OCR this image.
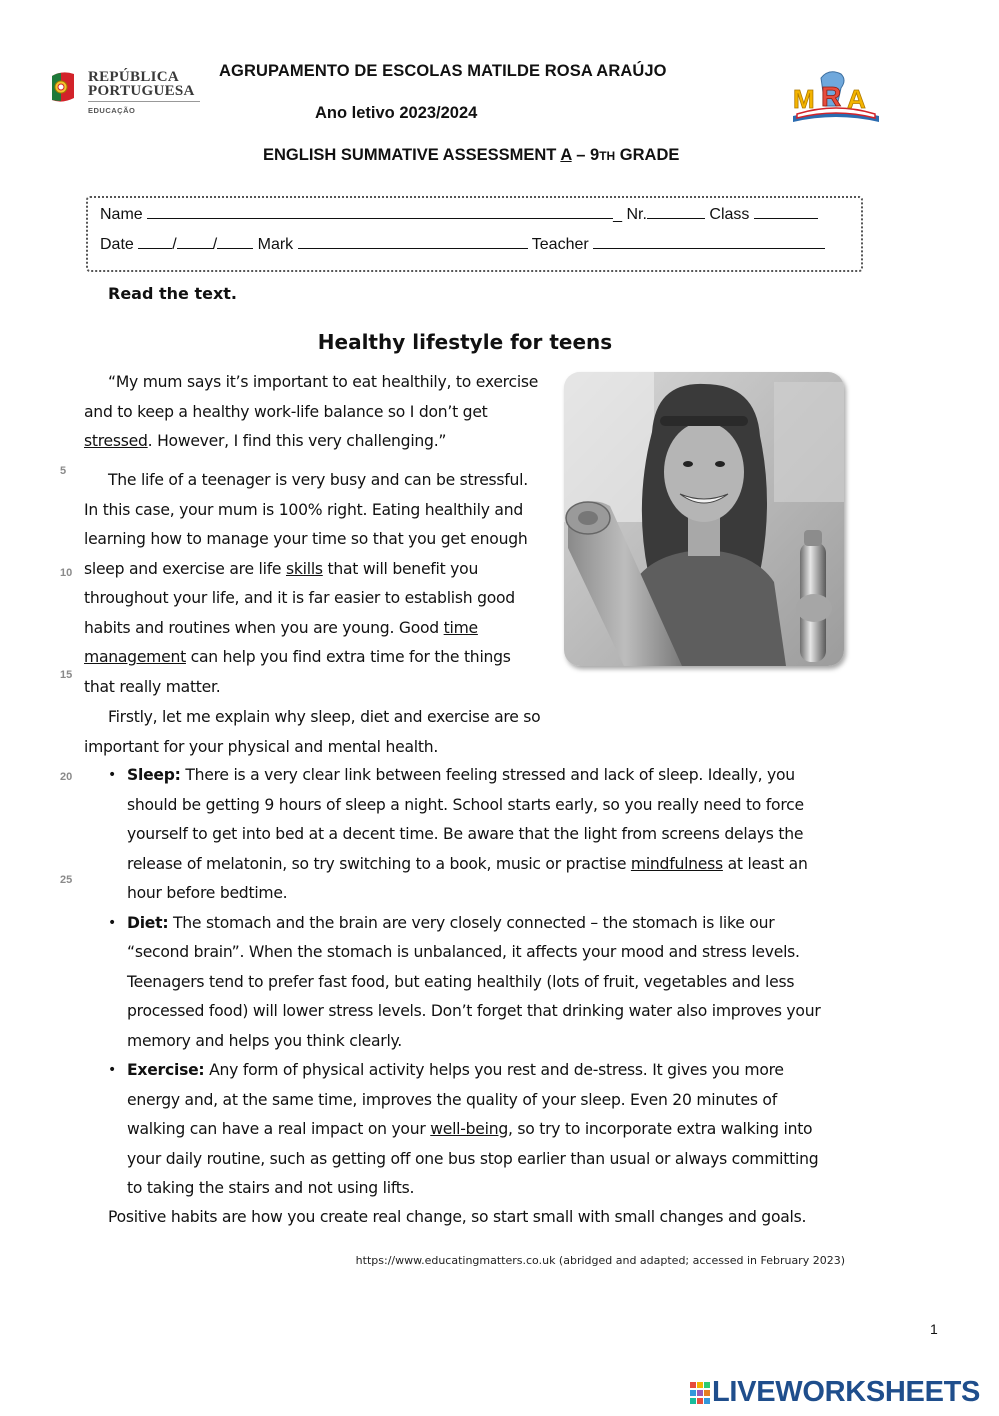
REPÚBLICA
PORTUGUESA
EDUCAÇÃO
AGRUPAMENTO DE ESCOLAS MATILDE ROSA ARAÚJO
Ano letivo 2023/2024
ENGLISH SUMMATIVE ASSESSMENT A – 9TH GRADE
M R A
Name	_ Nr.	Class
Date / /	Mark	Teacher
Read the text.
Healthy lifestyle for teens
“My mum says it’s important to eat healthily, to exercise and to keep a healthy work-life balance so I don’t get stressed. However, I find this very challenging.”
The life of a teenager is very busy and can be stressful. In this case, your mum is 100% right. Eating healthily and learning how to manage your time so that you get enough sleep and exercise are life skills that will benefit you throughout your life, and it is far easier to establish good habits and routines when you are young. Good time management can help you find extra time for the things that really matter.
Firstly, let me explain why sleep, diet and exercise are so important for your physical and mental health.
• Sleep: There is a very clear link between feeling stressed and lack of sleep. Ideally, you should be getting 9 hours of sleep a night. School starts early, so you really need to force yourself to get into bed at a decent time. Be aware that the light from screens delays the release of melatonin, so try switching to a book, music or practise mindfulness at least an hour before bedtime.
• Diet: The stomach and the brain are very closely connected – the stomach is like our “second brain”. When the stomach is unbalanced, it affects your mood and stress levels. Teenagers tend to prefer fast food, but eating healthily (lots of fruit, vegetables and less processed food) will lower stress levels. Don’t forget that drinking water also improves your memory and helps you think clearly.
• Exercise: Any form of physical activity helps you rest and de-stress. It gives you more energy and, at the same time, improves the quality of your sleep. Even 20 minutes of walking can have a real impact on your well-being, so try to incorporate extra walking into your daily routine, such as getting off one bus stop earlier than usual or always committing to taking the stairs and not using lifts.
Positive habits are how you create real change, so start small with small changes and goals.
https://www.educatingmatters.co.uk (abridged and adapted; accessed in February 2023)
5
10
15
20
25
1
LIVEWORKSHEETS
